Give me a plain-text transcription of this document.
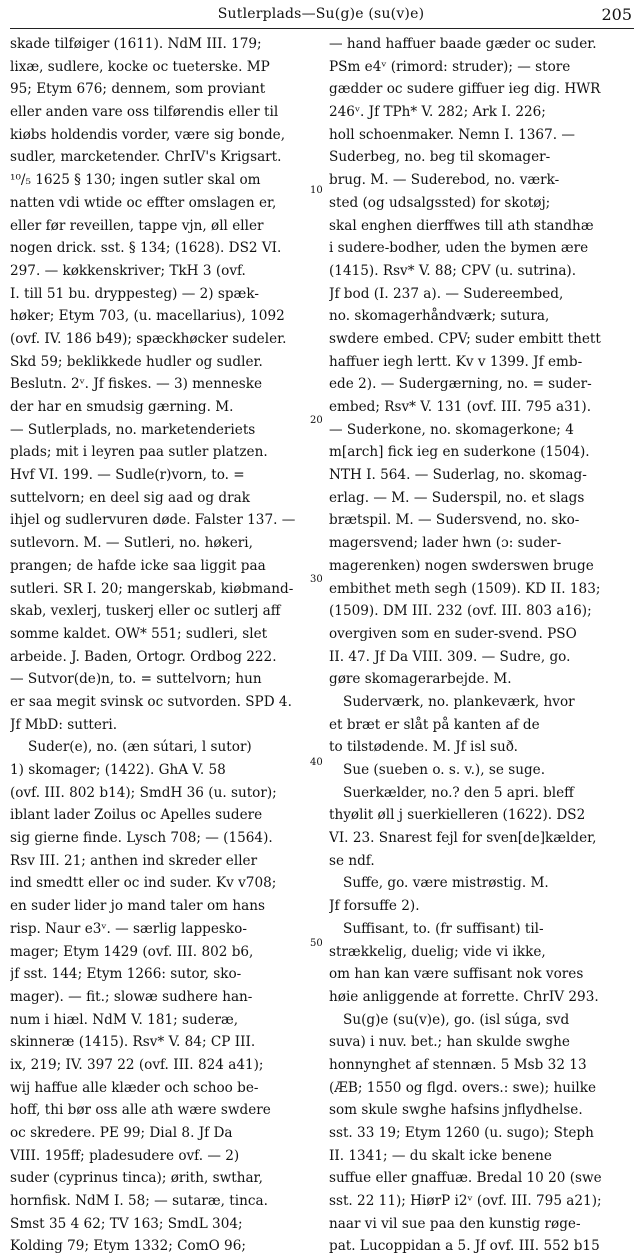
Sutlerplads—Su(g)e (su(v)e)	205
skade tilføiger (1611). NdM III. 179;
lixæ, sudlere, kocke oc tueterske. MP
95; Etym 676; dennem, som proviant
eller anden vare oss tilførendis eller til
kiøbs holdendis vorder, være sig bonde,
sudler, marcketender. ChrIV's Krigsart.
¹⁰/₅ 1625 § 130; ingen sutler skal om
natten vdi wtide oc effter omslagen er,
eller før reveillen, tappe vjn, øll eller
nogen drick. sst. § 134; (1628). DS2 VI.
297. — køkkenskriver; TkH 3 (ovf.
I. till 51 bu. dryppesteg) — 2) spæk-
høker; Etym 703, (u. macellarius), 1092
(ovf. IV. 186 b49); spæckhøcker sudeler.
Skd 59; beklikkede hudler og sudler.
Beslutn. 2ᵛ. Jf fiskes. — 3) menneske
der har en smudsig gærning. M.
— Sutlerplads, no. marketenderiets
plads; mit i leyren paa sutler platzen.
Hvf VI. 199. — Sudle(r)vorn, to. =
suttelvorn; en deel sig aad og drak
ihjel og sudlervuren døde. Falster 137. —
sutlevorn. M. — Sutleri, no. høkeri,
prangen; de hafde icke saa liggit paa
sutleri. SR I. 20; mangerskab, kiøbmand-
skab, vexlerj, tuskerj eller oc sutlerj aff
somme kaldet. OW* 551; sudleri, slet
arbeide. J. Baden, Ortogr. Ordbog 222.
— Sutvor(de)n, to. = suttelvorn; hun
er saa megit svinsk oc sutvorden. SPD 4.
Jf MbD: sutteri.
Suder(e), no. (æn sútari, l sutor)
1) skomager; (1422). GhA V. 58
(ovf. III. 802 b14); SmdH 36 (u. sutor);
iblant lader Zoilus oc Apelles sudere
sig gierne finde. Lysch 708; — (1564).
Rsv III. 21; anthen ind skreder eller
ind smedtt eller oc ind suder. Kv v708;
en suder lider jo mand taler om hans
risp. Naur e3ᵛ. — særlig lappesko-
mager; Etym 1429 (ovf. III. 802 b6,
jf sst. 144; Etym 1266: sutor, sko-
mager). — fit.; slowæ sudhere han-
num i hiæl. NdM V. 181; suderæ,
skinneræ (1415). Rsv* V. 84; CP III.
ix, 219; IV. 397 22 (ovf. III. 824 a41);
wij haffue alle klæder och schoo be-
hoff, thi bør oss alle ath wære swdere
oc skredere. PE 99; Dial 8. Jf Da
VIII. 195ff; pladesudere ovf. — 2)
suder (cyprinus tinca); ørith, swthar,
hornfisk. NdM I. 58; — sutaræ, tinca.
Smst 35 4 62; TV 163; SmdL 304;
Kolding 79; Etym 1332; ComO 96;
— hand haffuer baade gæder oc suder.
PSm e4ᵛ (rimord: struder); — store
gædder oc sudere giffuer ieg dig. HWR
246ᵛ. Jf TPh* V. 282; Ark I. 226;
holl schoenmaker. Nemn I. 1367. —
Suderbeg, no. beg til skomager-
brug. M. — Suderebod, no. værk-
sted (og udsalgssted) for skotøj;
skal enghen dierffwes till ath standhæ
i sudere-bodher, uden the bymen ære
(1415). Rsv* V. 88; CPV (u. sutrina).
Jf bod (I. 237 a). — Sudereembed,
no. skomagerhåndværk; sutura,
swdere embed. CPV; suder embitt thett
haffuer iegh lertt. Kv v 1399. Jf emb-
ede 2). — Sudergærning, no. = suder-
embed; Rsv* V. 131 (ovf. III. 795 a31).
— Suderkone, no. skomagerkone; 4
m[arch] fick ieg en suderkone (1504).
NTH I. 564. — Suderlag, no. skomag-
erlag. — M. — Suderspil, no. et slags
brætspil. M. — Sudersvend, no. sko-
magersvend; lader hwn (ɔ: suder-
magerenken) nogen swderswen bruge
embithet meth segh (1509). KD II. 183;
(1509). DM III. 232 (ovf. III. 803 a16);
overgiven som en suder-svend. PSO
II. 47. Jf Da VIII. 309. — Sudre, go.
gøre skomagerarbejde. M.
Suderværk, no. plankeværk, hvor
et bræt er slåt på kanten af de
to tilstødende. M. Jf isl suð.
Sue (sueben o. s. v.), se suge.
Suerkælder, no.? den 5 apri. bleff
thyølit øll j suerkielleren (1622). DS2
VI. 23. Snarest fejl for sven[de]kælder,
se ndf.
Suffe, go. være mistrøstig. M.
Jf forsuffe 2).
Suffisant, to. (fr suffisant) til-
strækkelig, duelig; vide vi ikke,
om han kan være suffisant nok vores
høie anliggende at forrette. ChrIV 293.
Su(g)e (su(v)e), go. (isl súga, svd
suva) i nuv. bet.; han skulde swghe
honnynghet af stennæn. 5 Msb 32 13
(ÆB; 1550 og flgd. overs.: swe); huilke
som skule swghe hafsins jnflydhelse.
sst. 33 19; Etym 1260 (u. sugo); Steph
II. 1341; — du skalt icke benene
suffue eller gnaffuæ. Bredal 10 20 (swe
sst. 22 11); HiørP i2ᵛ (ovf. III. 795 a21);
naar vi vil sue paa den kunstig røge-
pat. Lucoppidan a 5. Jf ovf. III. 552 b15
10
20
30
40
50
